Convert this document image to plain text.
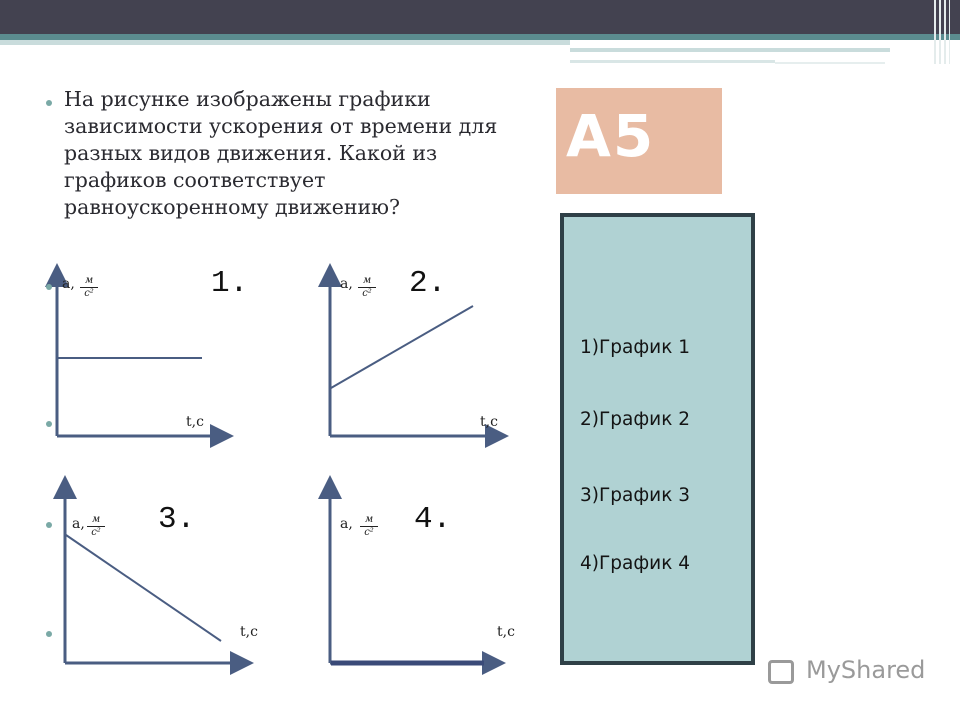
На рисунке изображены графики зависимости ускорения от времени для разных видов движения. Какой из графиков соответствует равноускоренному движению?
А5
a,	м
с²	1.
t,c
a,	м
с² 2.
t,c
a, м
с² 3.
t,c
a,	м
с² 4.
t,c
1)График 1
2)График 2
3)График 3
4)График 4
MyShared
